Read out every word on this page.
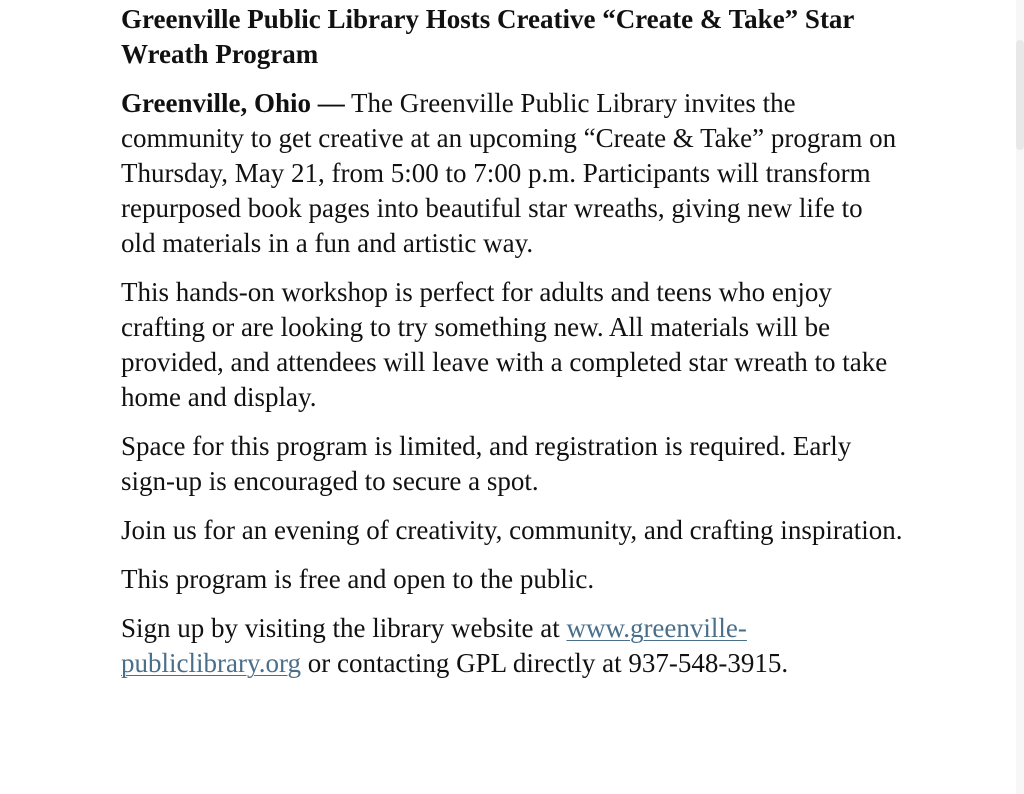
Greenville Public Library Hosts Creative “Create & Take” Star Wreath Program

Greenville, Ohio — The Greenville Public Library invites the community to get creative at an upcoming “Create & Take” program on Thursday, May 21, from 5:00 to 7:00 p.m. Participants will transform repurposed book pages into beautiful star wreaths, giving new life to old materials in a fun and artistic way.

This hands-on workshop is perfect for adults and teens who enjoy crafting or are looking to try something new. All materials will be provided, and attendees will leave with a completed star wreath to take home and display.

Space for this program is limited, and registration is required. Early sign-up is encouraged to secure a spot.

Join us for an evening of creativity, community, and crafting inspiration.

This program is free and open to the public.

Sign up by visiting the library website at www.greenville-publiclibrary.org or contacting GPL directly at 937-548-3915.
